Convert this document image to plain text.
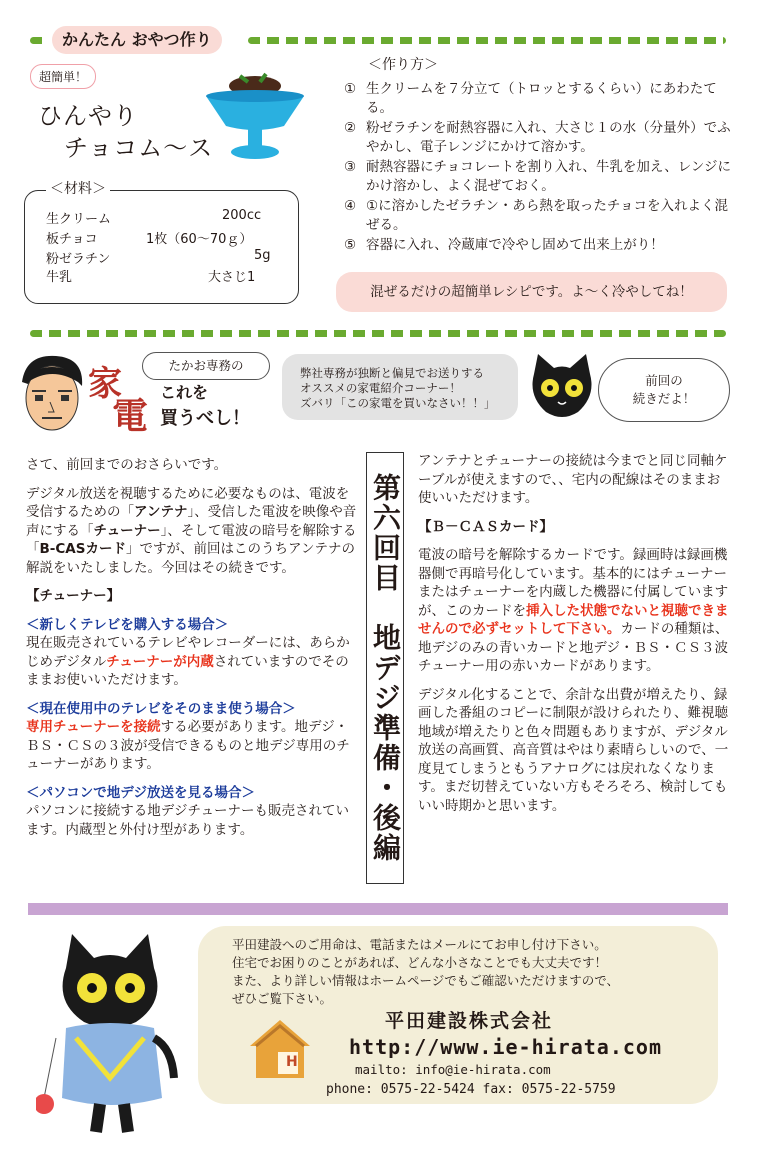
かんたん おやつ作り
超簡単！
ひんやり
チョコム〜ス
＜材料＞
生クリーム	200cc
板チョコ	1枚（60〜70ｇ）
粉ゼラチン	5g
牛乳	大さじ1
＜作り方＞
① 生クリームを７分立て（トロッとするくらい）にあわたてる。
② 粉ゼラチンを耐熱容器に入れ、大さじ１の水（分量外）でふやかし、電子レンジにかけて溶かす。
③ 耐熱容器にチョコレートを割り入れ、牛乳を加え、レンジにかけ溶かし、よく混ぜておく。
④ ①に溶かしたゼラチン・あら熱を取ったチョコを入れよく混ぜる。
⑤ 容器に入れ、冷蔵庫で冷やし固めて出来上がり！
混ぜるだけの超簡単レシピです。よ〜く冷やしてね！
家
電
これを
買うべし！
たかお専務の	弊社専務が独断と偏見でお送りする
オススメの家電紹介コーナー！
ズバリ「この家電を買いなさい！！」
前回の
続きだよ！

さて、前回までのおさらいです。

デジタル放送を視聴するために必要なものは、電波を受信するための「アンテナ」、受信した電波を映像や音声にする「チューナー」、そして電波の暗号を解除する「B-CASカード」ですが、前回はこのうちアンテナの解説をいたしました。今回はその続きです。

【チューナー】

＜新しくテレビを購入する場合＞

現在販売されているテレビやレコーダーには、あらかじめデジタルチューナーが内蔵されていますのでそのままお使いいただけます。

＜現在使用中のテレビをそのまま使う場合＞

専用チューナーを接続する必要があります。地デジ・ＢＳ・ＣＳの３波が受信できるものと地デジ専用のチューナーがあります。

＜パソコンで地デジ放送を見る場合＞

パソコンに接続する地デジチューナーも販売されています。内蔵型と外付け型があります。	第六回目　地デジ準備・後編

アンテナとチューナーの接続は今までと同じ同軸ケーブルが使えますので、、宅内の配線はそのままお使いいただけます。

【Ｂ－ＣＡＳカード】

電波の暗号を解除するカードです。録画時は録画機器側で再暗号化しています。基本的にはチューナーまたはチューナーを内蔵した機器に付属していますが、このカードを挿入した状態でないと視聴できませんので必ずセットして下さい。カードの種類は、地デジのみの青いカードと地デジ・ＢＳ・ＣＳ３波チューナー用の赤いカードがあります。

デジタル化することで、余計な出費が増えたり、録画した番組のコピーに制限が設けられたり、難視聴地域が増えたりと色々問題もありますが、デジタル放送の高画質、高音質はやはり素晴らしいので、一度見てしまうともうアナログには戻れなくなります。まだ切替えていない方もそろそろ、検討してもいい時期かと思います。

平田建設へのご用命は、電話またはメールにてお申し付け下さい。
住宅でお困りのことがあれば、どんな小さなことでも大丈夫です！
また、より詳しい情報はホームページでもご確認いただけますので、
ぜひご覧下さい。
H
平田建設株式会社
http://www.ie-hirata.com
mailto: info@ie-hirata.com
phone: 0575-22-5424 fax: 0575-22-5759
